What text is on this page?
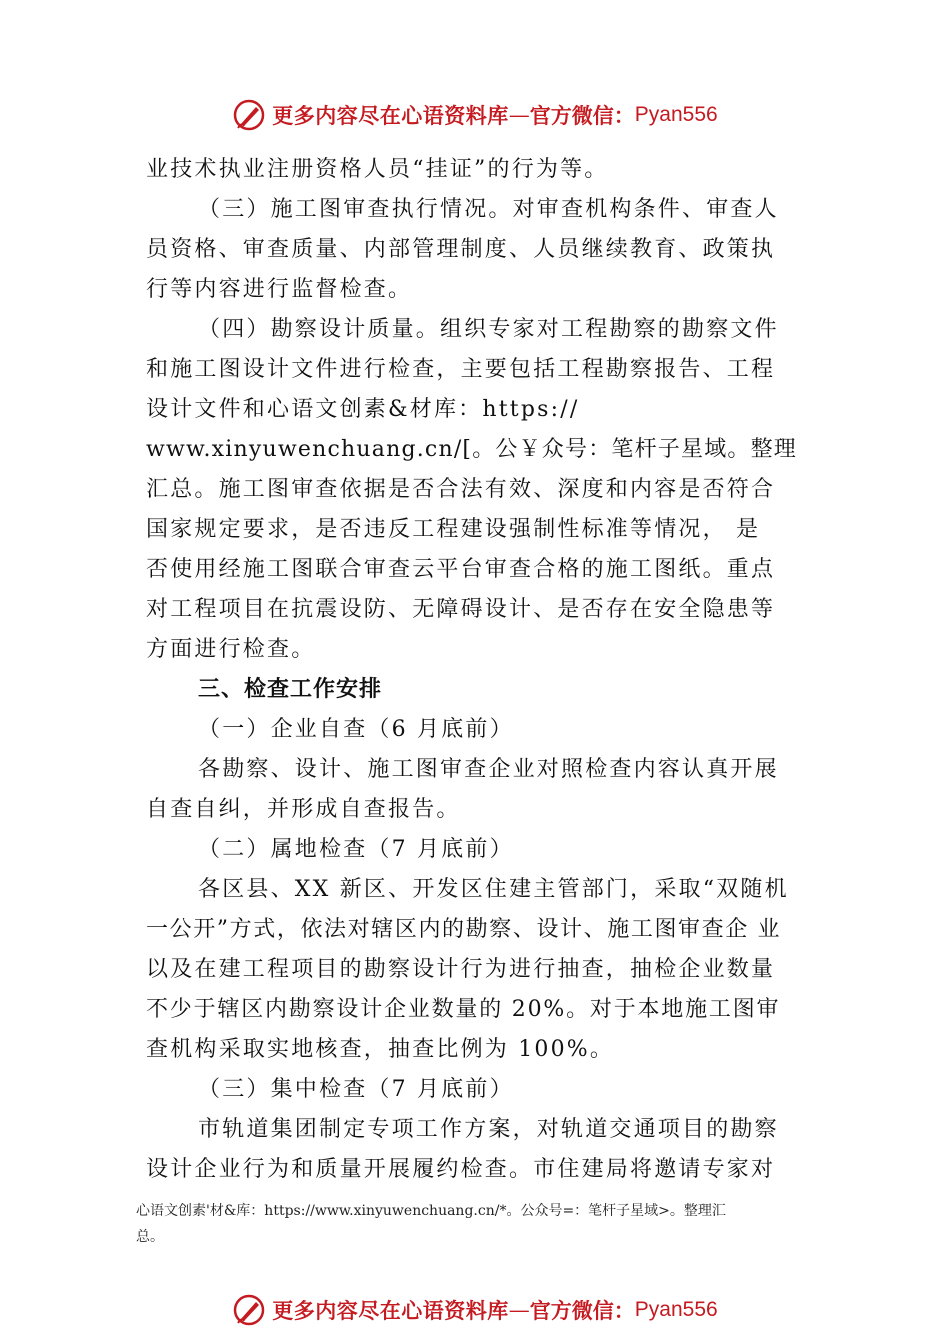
更多内容尽在心语资料库 — 官方微信： Pyan556
业技术执业注册资格人员“挂证”的行为等。
（三）施工图审查执行情况。对审查机构条件、审查人
员资格、审查质量、内部管理制度、人员继续教育、政策执
行等内容进行监督检查。
（四）勘察设计质量。组织专家对工程勘察的勘察文件
和施工图设计文件进行检查，主要包括工程勘察报告、工程
设计文件和心语文创素&材库：https://
www.xinyuwenchuang.cn/[。公￥众号：笔杆子星域。整理
汇总。施工图审查依据是否合法有效、深度和内容是否符合
国家规定要求，是否违反工程建设强制性标准等情况， 是
否使用经施工图联合审查云平台审查合格的施工图纸。重点
对工程项目在抗震设防、无障碍设计、是否存在安全隐患等
方面进行检查。
三、检查工作安排
（一）企业自查（6 月底前）
各勘察、设计、施工图审查企业对照检查内容认真开展
自查自纠，并形成自查报告。
（二）属地检查（7 月底前）
各区县、XX 新区、开发区住建主管部门，采取“双随机
一公开”方式，依法对辖区内的勘察、设计、施工图审查企 业
以及在建工程项目的勘察设计行为进行抽查，抽检企业数量
不少于辖区内勘察设计企业数量的 20%。对于本地施工图审
查机构采取实地核查，抽查比例为 100%。
（三）集中检查（7 月底前）
市轨道集团制定专项工作方案，对轨道交通项目的勘察
设计企业行为和质量开展履约检查。市住建局将邀请专家对
心语文创素'材&库：https://www.xinyuwenchuang.cn/*。公众号=：笔杆子星域>。整理汇
总。
更多内容尽在心语资料库 — 官方微信： Pyan556
